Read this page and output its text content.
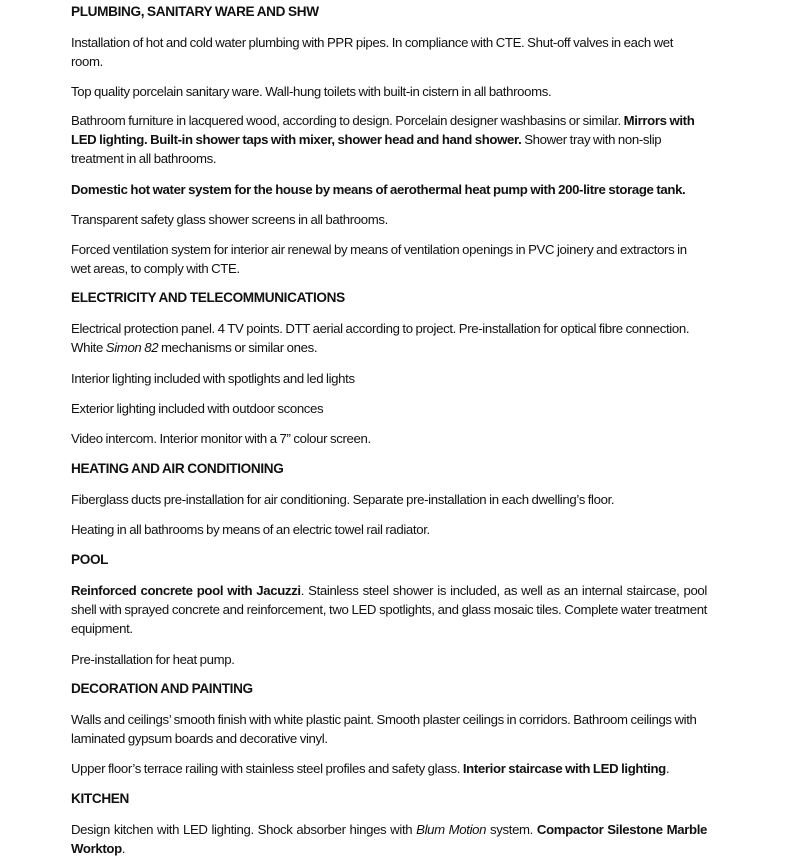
PLUMBING, SANITARY WARE AND SHW

Installation of hot and cold water plumbing with PPR pipes. In compliance with CTE. Shut-off valves in each wet room.

Top quality porcelain sanitary ware. Wall-hung toilets with built-in cistern in all bathrooms.

Bathroom furniture in lacquered wood, according to design. Porcelain designer washbasins or similar. Mirrors with LED lighting. Built-in shower taps with mixer, shower head and hand shower. Shower tray with non-slip treatment in all bathrooms.

Domestic hot water system for the house by means of aerothermal heat pump with 200-litre storage tank.

Transparent safety glass shower screens in all bathrooms.

Forced ventilation system for interior air renewal by means of ventilation openings in PVC joinery and extractors in wet areas, to comply with CTE.

ELECTRICITY AND TELECOMMUNICATIONS

Electrical protection panel. 4 TV points. DTT aerial according to project. Pre-installation for optical fibre connection. White Simon 82 mechanisms or similar ones.

Interior lighting included with spotlights and led lights

Exterior lighting included with outdoor sconces

Video intercom. Interior monitor with a 7” colour screen.

HEATING AND AIR CONDITIONING

Fiberglass ducts pre-installation for air conditioning. Separate pre-installation in each dwelling’s floor.

Heating in all bathrooms by means of an electric towel rail radiator.

POOL

Reinforced concrete pool with Jacuzzi. Stainless steel shower is included, as well as an internal staircase, pool shell with sprayed concrete and reinforcement, two LED spotlights, and glass mosaic tiles. Complete water treatment equipment.

Pre-installation for heat pump.

DECORATION AND PAINTING

Walls and ceilings’ smooth finish with white plastic paint. Smooth plaster ceilings in corridors. Bathroom ceilings with laminated gypsum boards and decorative vinyl.

Upper floor’s terrace railing with stainless steel profiles and safety glass. Interior staircase with LED lighting.

KITCHEN

Design kitchen with LED lighting. Shock absorber hinges with Blum Motion system. Compactor Silestone Marble Worktop.
